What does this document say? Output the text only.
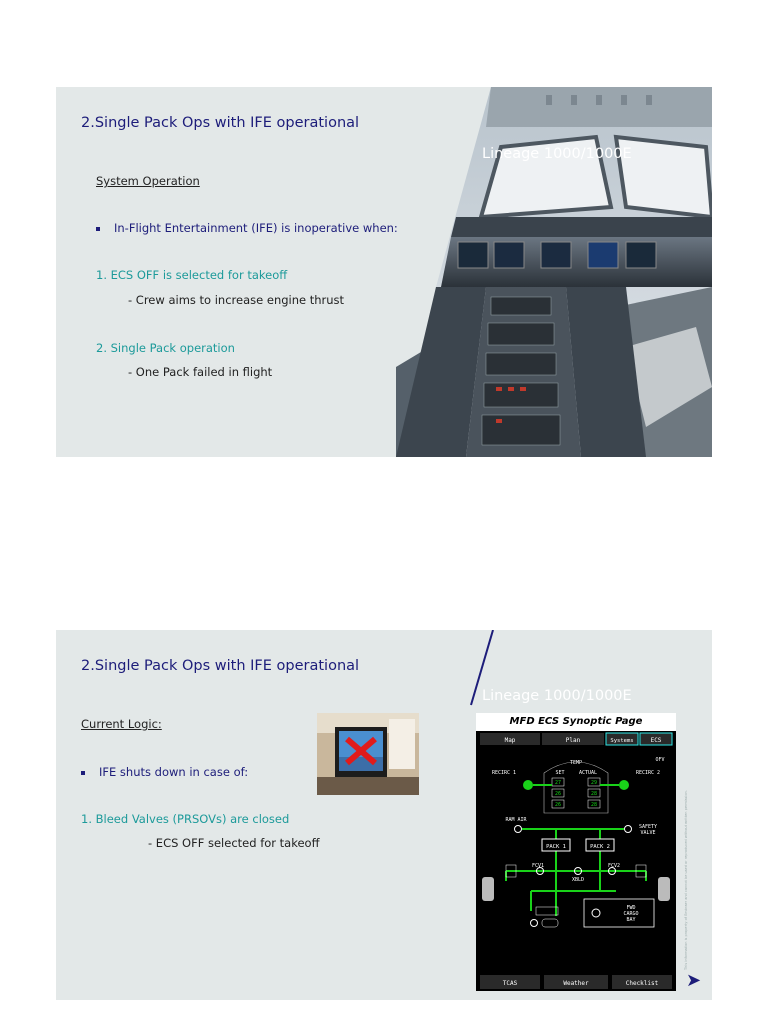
2.Single Pack Ops with IFE operational
System Operation
In-Flight Entertainment (IFE) is inoperative when:
1. ECS OFF is selected for takeoff
- Crew aims to increase engine thrust
2. Single Pack operation
- One Pack failed in flight
Lineage 1000/1000E
2.Single Pack Ops with IFE operational
Lineage 1000/1000E
Current Logic:
IFE shuts down in case of:
1. Bleed Valves (PRSOVs) are closed
- ECS OFF selected for takeoff
MFD ECS Synoptic Page
Map	Plan	Systems	ECS
TEMP
SET	ACTUAL
RECIRC 1	RECIRC 2
OFV
27	29
26	28
26	28
RAM AIR
SAFETY
VALVE
PACK 1	PACK 2
FCV1	FCV2
XBLD
FWD
CARGO
BAY
TCAS	Weather	Checklist
This information is property of Embraer and cannot be used or reproduced without written permission.
➤
